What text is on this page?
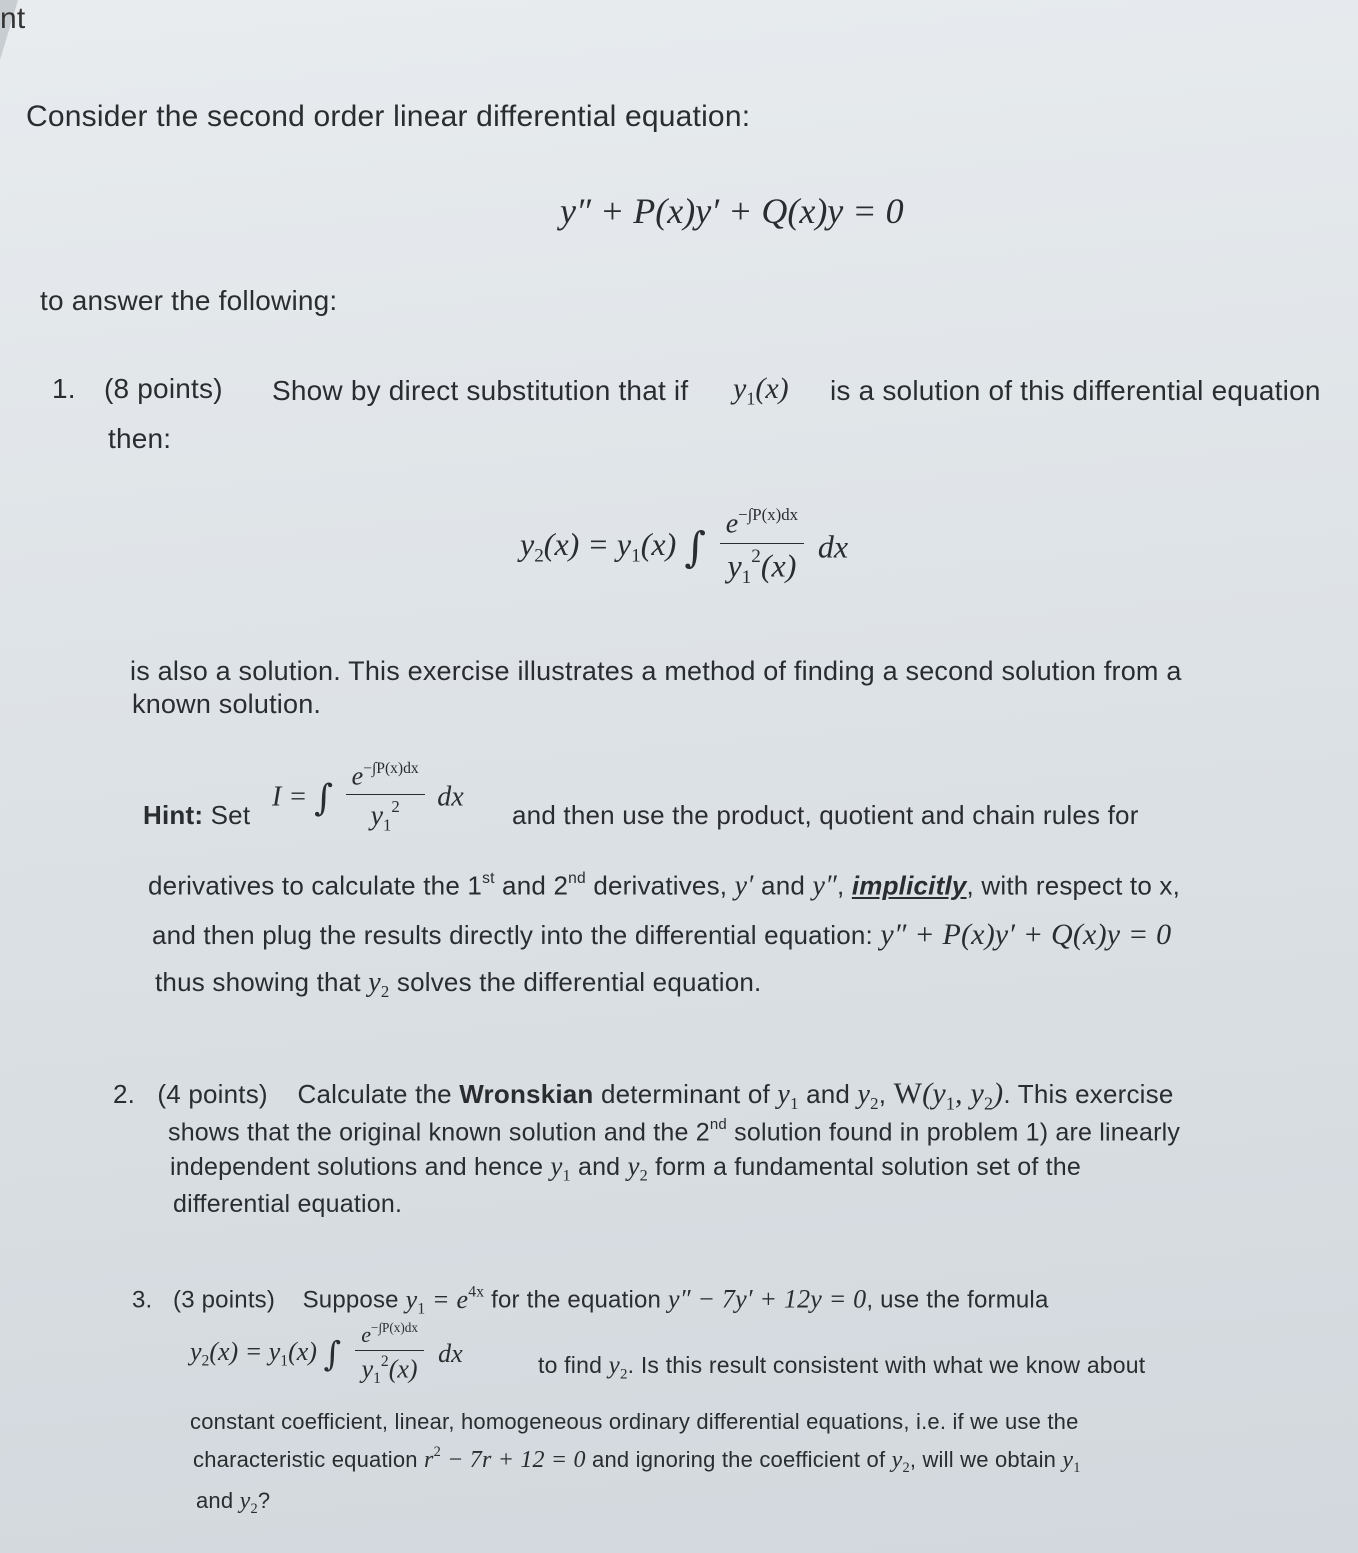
nt
Consider the second order linear differential equation:
y″ + P(x)y′ + Q(x)y = 0
to answer the following:
1. (8 points) Show by direct substitution that if $y_1(x)$ is a solution of this differential equation
then:
$y_2(x) = y_1(x)$ ∫ $\frac{e^{-\int P(x)dx}}{y_1^2(x)}$ dx
is also a solution. This exercise illustrates a method of finding a second solution from a
known solution.
Hint: Set
I = ∫ $\frac{e^{-\int P(x)dx}}{y_1^2}$ dx
and then use the product, quotient and chain rules for
derivatives to calculate the 1st and 2nd derivatives, y′ and y″, implicitly, with respect to x,
and then plug the results directly into the differential equation: y″ + P(x)y′ + Q(x)y = 0
thus showing that $y_2$ solves the differential equation.
2. (4 points) Calculate the Wronskian determinant of $y_1$ and $y_2$, $W(y_1$, $y_2$). This exercise
shows that the original known solution and the 2nd solution found in problem 1) are linearly
independent solutions and hence $y_1$ and $y_2$ form a fundamental solution set of the
differential equation.
3. (3 points) Suppose $y_1 = e^{4x}$ for the equation y″ − 7y′ + 12y = 0, use the formula
$y_2(x) = y_1(x)$ ∫ $\frac{e^{-\int P(x)dx}}{y_1^2(x)}$ dx	to find $y_2$. Is this result consistent with what we know about
constant coefficient, linear, homogeneous ordinary differential equations, i.e. if we use the
characteristic equation $r^2 - 7r + 12 = 0$ and ignoring the coefficient of $y_2$, will we obtain $y_1$
and $y_2$?
